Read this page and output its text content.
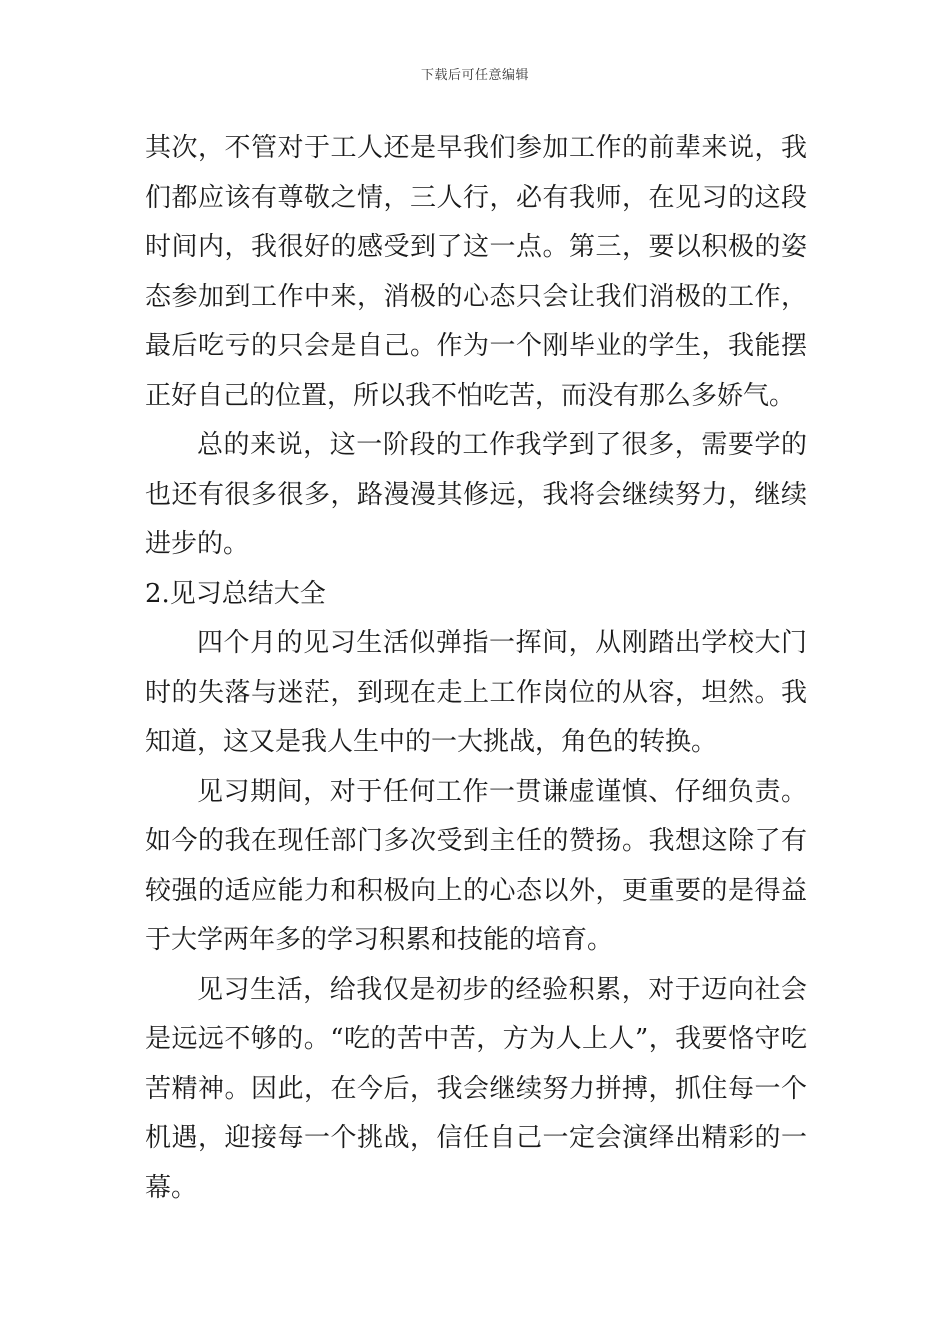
下载后可任意编辑

其次，不管对于工人还是早我们参加工作的前辈来说，我们都应该有尊敬之情，三人行，必有我师，在见习的这段时间内，我很好的感受到了这一点。第三，要以积极的姿态参加到工作中来，消极的心态只会让我们消极的工作，最后吃亏的只会是自己。作为一个刚毕业的学生，我能摆正好自己的位置，所以我不怕吃苦，而没有那么多娇气。

总的来说，这一阶段的工作我学到了很多，需要学的也还有很多很多，路漫漫其修远，我将会继续努力，继续进步的。

2.见习总结大全

四个月的见习生活似弹指一挥间，从刚踏出学校大门时的失落与迷茫，到现在走上工作岗位的从容，坦然。我知道，这又是我人生中的一大挑战，角色的转换。

见习期间，对于任何工作一贯谦虚谨慎、仔细负责。如今的我在现任部门多次受到主任的赞扬。我想这除了有较强的适应能力和积极向上的心态以外，更重要的是得益于大学两年多的学习积累和技能的培育。

见习生活，给我仅是初步的经验积累，对于迈向社会是远远不够的。“吃的苦中苦，方为人上人”，我要恪守吃苦精神。因此，在今后，我会继续努力拼搏，抓住每一个机遇，迎接每一个挑战，信任自己一定会演绎出精彩的一幕。
